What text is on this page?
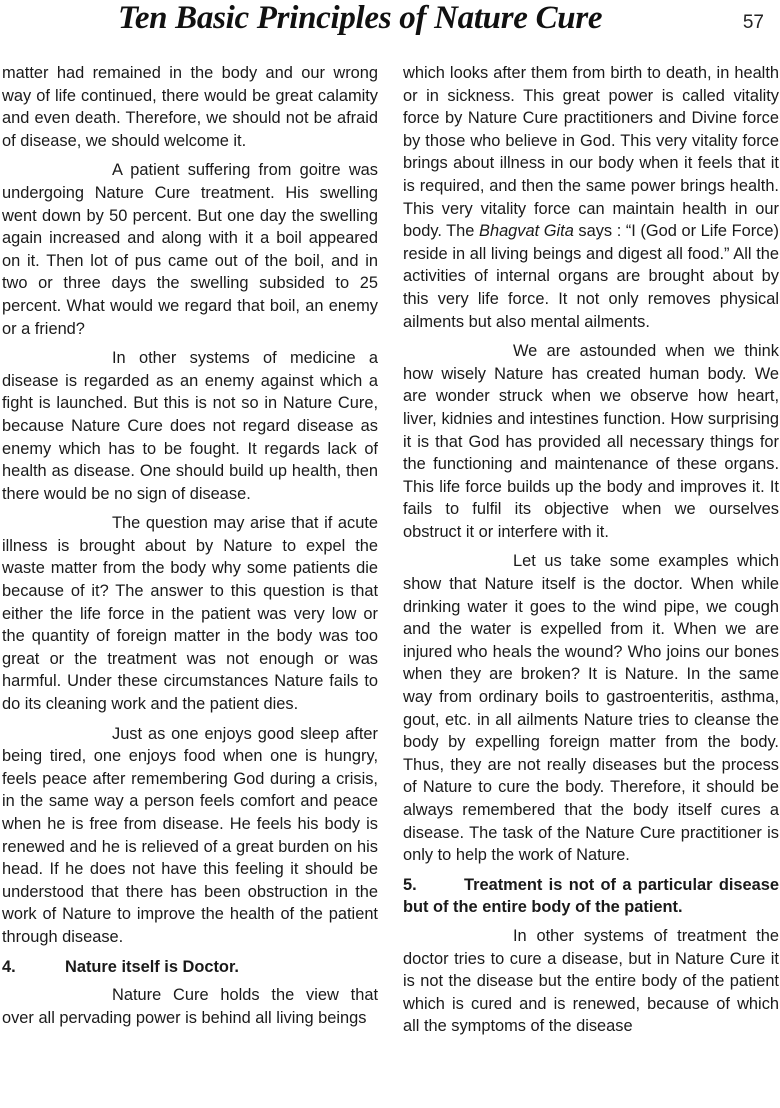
Ten Basic Principles of Nature Cure	57

matter had remained in the body and our wrong way of life continued, there would be great calamity and even death. Therefore, we should not be afraid of disease, we should welcome it.

A patient suffering from goitre was undergoing Nature Cure treatment. His swelling went down by 50 percent. But one day the swelling again increased and along with it a boil appeared on it. Then lot of pus came out of the boil, and in two or three days the swelling subsided to 25 percent. What would we regard that boil, an enemy or a friend?

In other systems of medicine a disease is regarded as an enemy against which a fight is launched. But this is not so in Nature Cure, because Nature Cure does not regard disease as enemy which has to be fought. It regards lack of health as disease. One should build up health, then there would be no sign of disease.

The question may arise that if acute illness is brought about by Nature to expel the waste matter from the body why some patients die because of it? The answer to this question is that either the life force in the patient was very low or the quantity of foreign matter in the body was too great or the treatment was not enough or was harmful. Under these circumstances Nature fails to do its cleaning work and the patient dies.

Just as one enjoys good sleep after being tired, one enjoys food when one is hungry, feels peace after remembering God during a crisis, in the same way a person feels comfort and peace when he is free from disease. He feels his body is renewed and he is relieved of a great burden on his head. If he does not have this feeling it should be understood that there has been obstruction in the work of Nature to improve the health of the patient through disease.

4.	Nature itself is Doctor.

Nature Cure holds the view that over all pervading power is behind all living beings

which looks after them from birth to death, in health or in sickness. This great power is called vitality force by Nature Cure practitioners and Divine force by those who believe in God. This very vitality force brings about illness in our body when it feels that it is required, and then the same power brings health. This very vitality force can maintain health in our body. The Bhagvat Gita says : “I (God or Life Force) reside in all living beings and digest all food.” All the activities of internal organs are brought about by this very life force. It not only removes physical ailments but also mental ailments.

We are astounded when we think how wisely Nature has created human body. We are wonder struck when we observe how heart, liver, kidnies and intestines function. How surprising it is that God has provided all necessary things for the functioning and maintenance of these organs. This life force builds up the body and improves it. It fails to fulfil its objective when we ourselves obstruct it or interfere with it.

Let us take some examples which show that Nature itself is the doctor. When while drinking water it goes to the wind pipe, we cough and the water is expelled from it. When we are injured who heals the wound? Who joins our bones when they are broken? It is Nature. In the same way from ordinary boils to gastroenteritis, asthma, gout, etc. in all ailments Nature tries to cleanse the body by expelling foreign matter from the body. Thus, they are not really diseases but the process of Nature to cure the body. Therefore, it should be always remembered that the body itself cures a disease. The task of the Nature Cure practitioner is only to help the work of Nature.

5.	Treatment is not of a particular disease but of the entire body of the patient.

In other systems of treatment the doctor tries to cure a disease, but in Nature Cure it is not the disease but the entire body of the patient which is cured and is renewed, because of which all the symptoms of the disease
